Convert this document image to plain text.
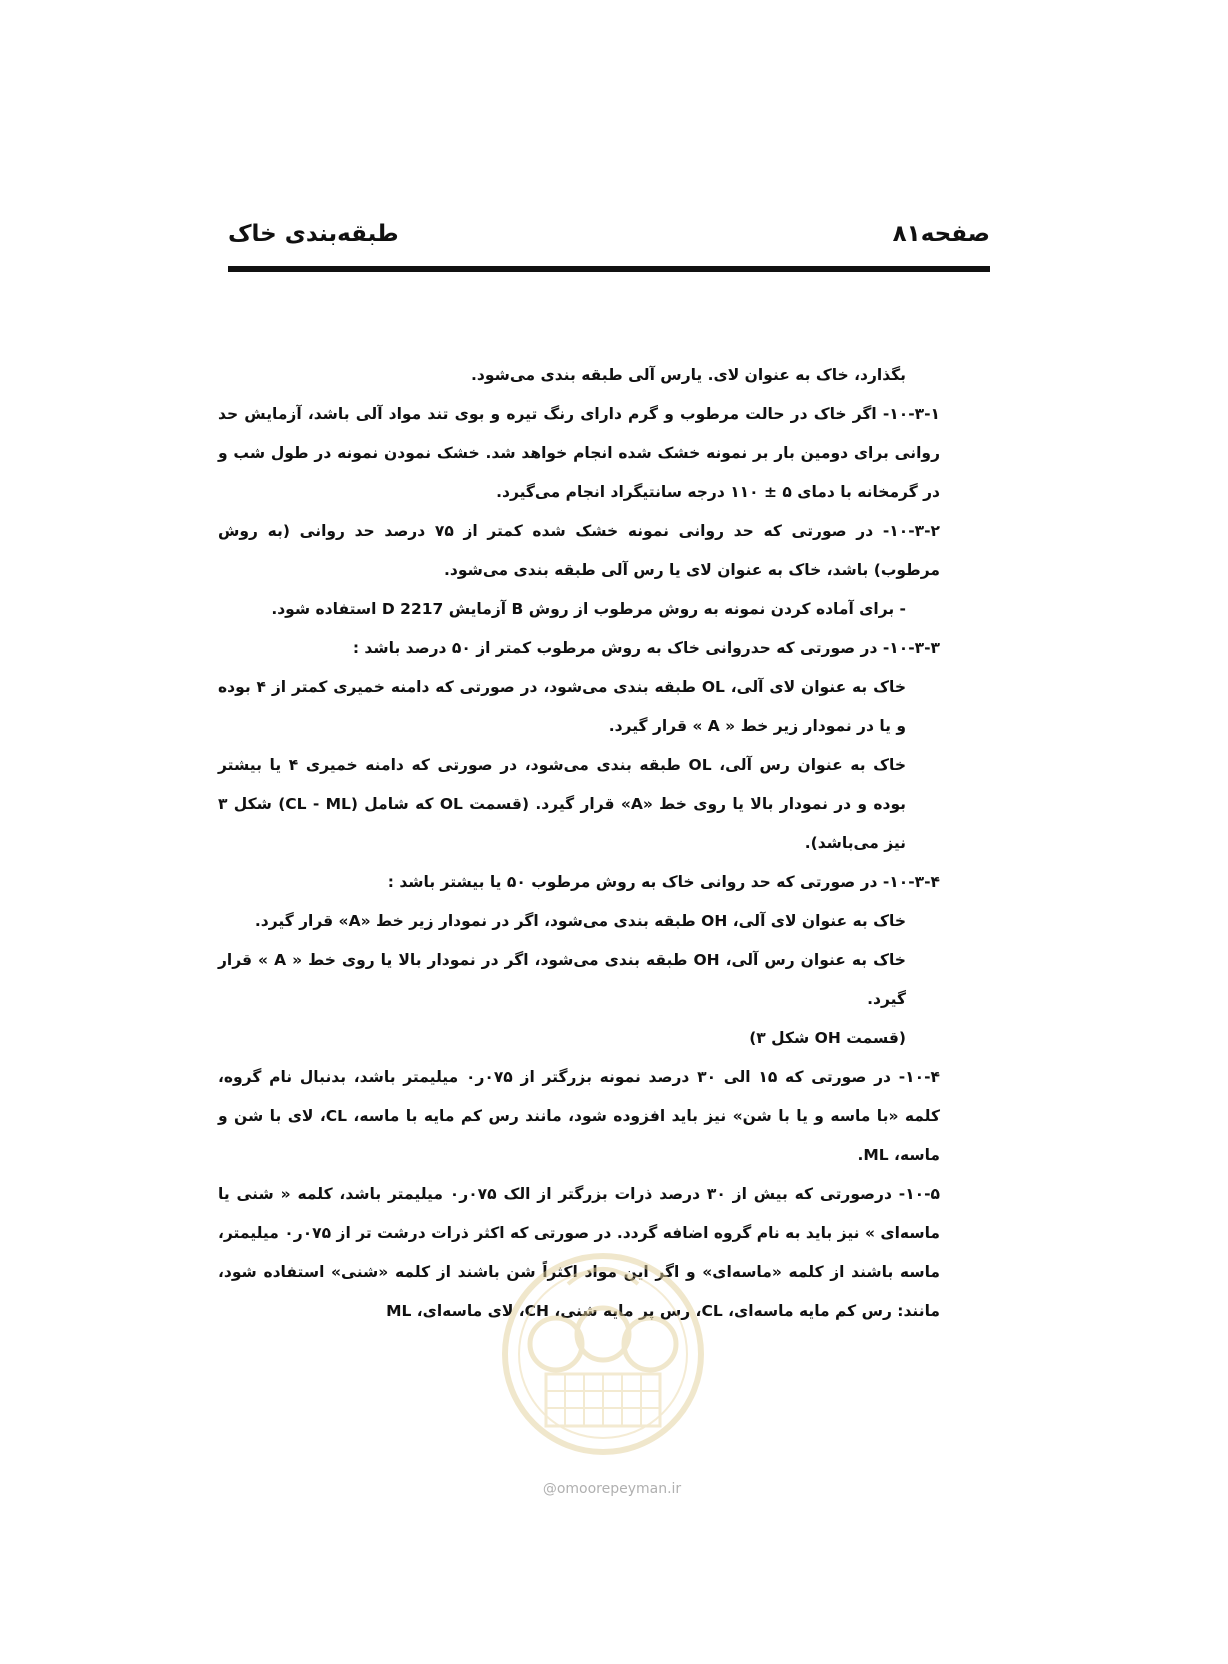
صفحه۸۱
طبقه‌بندی خاک

بگذارد، خاک به عنوان لای. یارس آلی طبقه بندی می‌شود.

۱۰-۳-۱- اگر خاک در حالت مرطوب و گرم دارای رنگ تیره و بوی تند مواد آلی باشد، آزمایش حد روانی برای دومین بار بر نمونه خشک شده انجام خواهد شد. خشک نمودن نمونه در طول شب و در گرمخانه با دمای ۵ ± ۱۱۰ درجه سانتیگراد انجام می‌گیرد.

۱۰-۳-۲- در صورتی که حد روانی نمونه خشک شده کمتر از ۷۵ درصد حد روانی (به روش مرطوب) باشد، خاک به عنوان لای یا رس آلی طبقه بندی می‌شود.

- برای آماده کردن نمونه به روش مرطوب از روش B آزمایش D 2217 استفاده شود.

۱۰-۳-۳- در صورتی که حدروانی خاک به روش مرطوب کمتر از ۵۰ درصد باشد :

خاک به عنوان لای آلی، OL طبقه بندی می‌شود، در صورتی که دامنه خمیری کمتر از ۴ بوده و یا در نمودار زیر خط « A » قرار گیرد.

خاک به عنوان رس آلی، OL طبقه بندی می‌شود، در صورتی که دامنه خمیری ۴ یا بیشتر بوده و در نمودار بالا یا روی خط «A» قرار گیرد. (قسمت OL که شامل (CL - ML) شکل ۳ نیز می‌باشد).

۱۰-۳-۴- در صورتی که حد روانی خاک به روش مرطوب ۵۰ یا بیشتر باشد :

خاک به عنوان لای آلی، OH طبقه بندی می‌شود، اگر در نمودار زیر خط «A» قرار گیرد.

خاک به عنوان رس آلی، OH طبقه بندی می‌شود، اگر در نمودار بالا یا روی خط « A » قرار گیرد.

(قسمت OH شکل ۳)

۱۰-۴- در صورتی که ۱۵ الی ۳۰ درصد نمونه بزرگتر از ۰۷۵ر۰ میلیمتر باشد، بدنبال نام گروه، کلمه «با ماسه و یا با شن» نیز باید افزوده شود، مانند رس کم مایه با ماسه، CL، لای با شن و ماسه، ML.

۱۰-۵- درصورتی که بیش از ۳۰ درصد ذرات بزرگتر از الک ۰۷۵ر۰ میلیمتر باشد، کلمه « شنی یا ماسه‌ای » نیز باید به نام گروه اضافه گردد. در صورتی که اکثر ذرات درشت تر از ۰۷۵ر۰ میلیمتر، ماسه باشند از کلمه «ماسه‌ای» و اگر این مواد اکثراً شن باشند از کلمه «شنی» استفاده شود، مانند: رس کم مایه ماسه‌ای، CL، رس پر مایه شنی، CH، لای ماسه‌ای، ML

@omoorepeyman.ir
